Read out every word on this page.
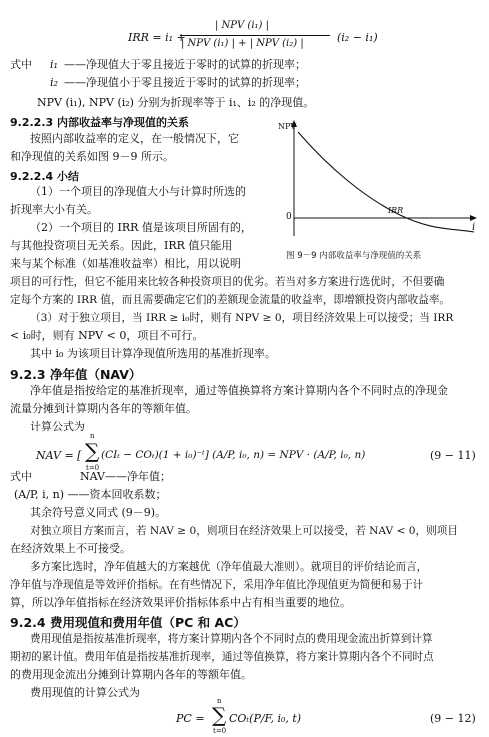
IRR = i₁ +
| NPV (i₁) |
| NPV (i₁) | + | NPV (i₂) |	(i₂ − i₁)
式中 i₁ ——净现值大于零且接近于零时的试算的折现率；
i₂ ——净现值小于零且接近于零时的试算的折现率；
NPV (i₁), NPV (i₂) 分别为折现率等于 i₁、i₂ 的净现值。
9.2.2.3 内部收益率与净现值的关系
按照内部收益率的定义，在一般情况下，它
和净现值的关系如图 9－9 所示。
9.2.2.4 小结
（1）一个项目的净现值大小与计算时所选的
折现率大小有关。
（2）一个项目的 IRR 值是该项目所固有的，
与其他投资项目无关系。因此，IRR 值只能用
来与某个标准（如基准收益率）相比，用以说明
项目的可行性，但它不能用来比较各种投资项目的优劣。若当对多方案进行选优时，不但要确
定每个方案的 IRR 值，而且需要确定它们的差额现金流量的收益率，即增额投资内部收益率。
（3）对于独立项目，当 IRR ≥ i₀时，则有 NPV ≥ 0，项目经济效果上可以接受；当 IRR
< i₀时，则有 NPV < 0，项目不可行。
其中 i₀ 为该项目计算净现值所选用的基准折现率。
NPV
i
0
IRR
图 9－9 内部收益率与净现值的关系
9.2.3 净年值（NAV）
净年值是指按给定的基准折现率，通过等值换算将方案计算期内各个不同时点的净现金
流量分摊到计算期内各年的等额年值。
计算公式为
NAV = [
n
∑
t=0
(CIₜ − COₜ)(1 + i₀)⁻ᵗ] (A/P, i₀, n) = NPV · (A/P, i₀, n)	(9 − 11)
式中	NAV——净年值；
(A/P, i, n) ——资本回收系数；
其余符号意义同式 (9－9)。
对独立项目方案而言，若 NAV ≥ 0，则项目在经济效果上可以接受，若 NAV < 0，则项目
在经济效果上不可接受。
多方案比选时，净年值越大的方案越优（净年值最大准则）。就项目的评价结论而言，
净年值与净现值是等效评价指标。在有些情况下，采用净年值比净现值更为简便和易于计
算，所以净年值指标在经济效果评价指标体系中占有相当重要的地位。
9.2.4 费用现值和费用年值（PC 和 AC）
费用现值是指按基准折现率，将方案计算期内各个不同时点的费用现金流出折算到计算
期初的累计值。费用年值是指按基准折现率，通过等值换算，将方案计算期内各个不同时点
的费用现金流出分摊到计算期内各年的等额年值。
费用现值的计算公式为
PC =
n
∑
t=0
COₜ(P/F, i₀, t)	(9 − 12)
